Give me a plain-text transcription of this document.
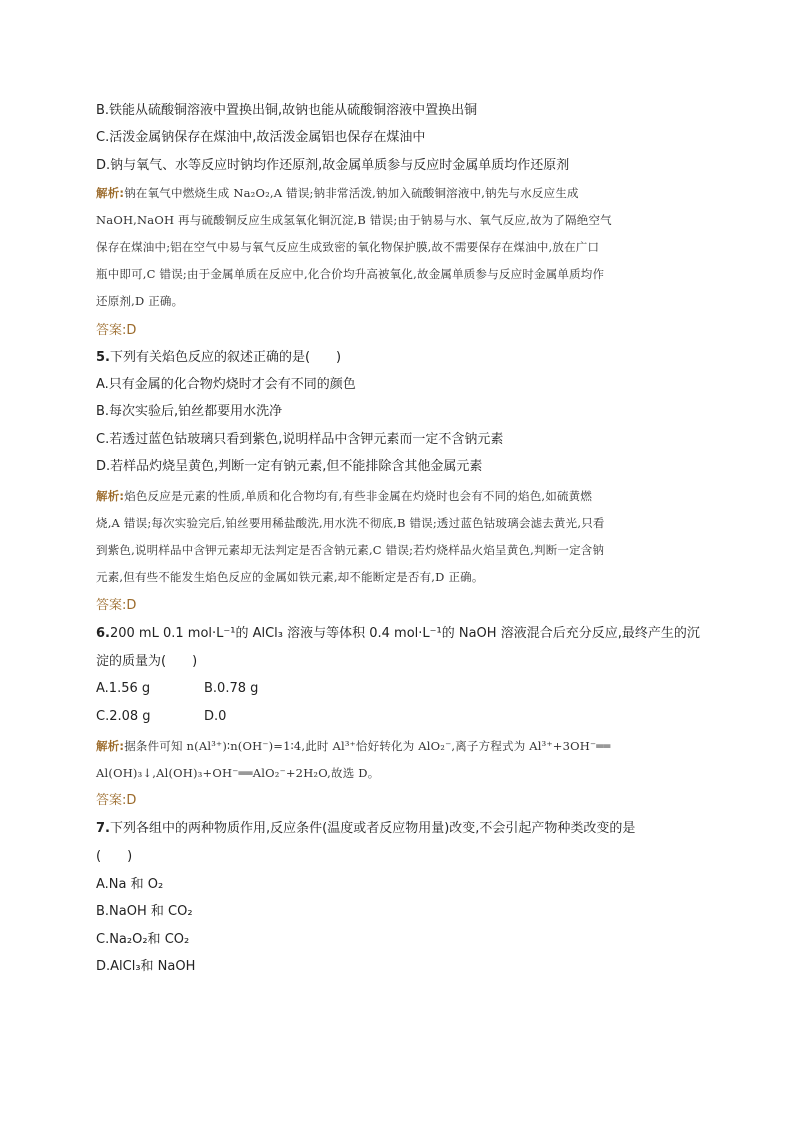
B.铁能从硫酸铜溶液中置换出铜,故钠也能从硫酸铜溶液中置换出铜
C.活泼金属钠保存在煤油中,故活泼金属铝也保存在煤油中
D.钠与氧气、水等反应时钠均作还原剂,故金属单质参与反应时金属单质均作还原剂
解析:钠在氧气中燃烧生成 Na₂O₂,A 错误;钠非常活泼,钠加入硫酸铜溶液中,钠先与水反应生成
NaOH,NaOH 再与硫酸铜反应生成氢氧化铜沉淀,B 错误;由于钠易与水、氧气反应,故为了隔绝空气
保存在煤油中;铝在空气中易与氧气反应生成致密的氧化物保护膜,故不需要保存在煤油中,放在广口
瓶中即可,C 错误;由于金属单质在反应中,化合价均升高被氧化,故金属单质参与反应时金属单质均作
还原剂,D 正确。
答案:D
5.下列有关焰色反应的叙述正确的是(　　)
A.只有金属的化合物灼烧时才会有不同的颜色
B.每次实验后,铂丝都要用水洗净
C.若透过蓝色钴玻璃只看到紫色,说明样品中含钾元素而一定不含钠元素
D.若样品灼烧呈黄色,判断一定有钠元素,但不能排除含其他金属元素
解析:焰色反应是元素的性质,单质和化合物均有,有些非金属在灼烧时也会有不同的焰色,如硫黄燃
烧,A 错误;每次实验完后,铂丝要用稀盐酸洗,用水洗不彻底,B 错误;透过蓝色钴玻璃会滤去黄光,只看
到紫色,说明样品中含钾元素却无法判定是否含钠元素,C 错误;若灼烧样品火焰呈黄色,判断一定含钠
元素,但有些不能发生焰色反应的金属如铁元素,却不能断定是否有,D 正确。
答案:D
6.200 mL 0.1 mol·L⁻¹的 AlCl₃ 溶液与等体积 0.4 mol·L⁻¹的 NaOH 溶液混合后充分反应,最终产生的沉
淀的质量为(　　)
A.1.56 g	B.0.78 g
C.2.08 g	D.0
解析:据条件可知 n(Al³⁺)∶n(OH⁻)=1∶4,此时 Al³⁺恰好转化为 AlO₂⁻,离子方程式为 Al³⁺+3OH⁻══
Al(OH)₃↓,Al(OH)₃+OH⁻══AlO₂⁻+2H₂O,故选 D。
答案:D
7.下列各组中的两种物质作用,反应条件(温度或者反应物用量)改变,不会引起产物种类改变的是
(　　)
A.Na 和 O₂
B.NaOH 和 CO₂
C.Na₂O₂和 CO₂
D.AlCl₃和 NaOH
